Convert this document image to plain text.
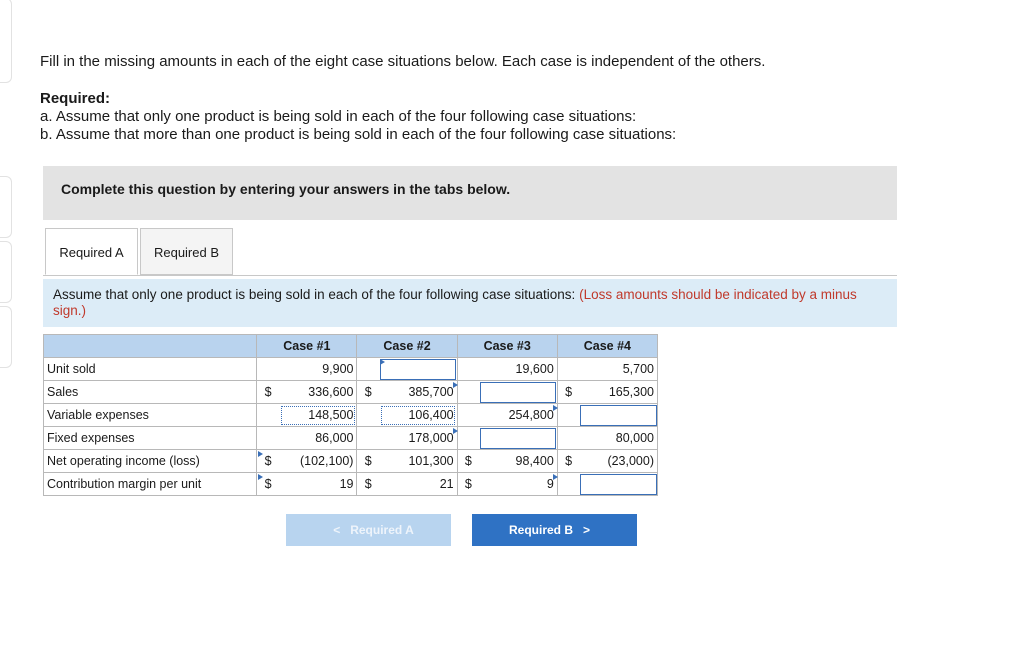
Fill in the missing amounts in each of the eight case situations below. Each case is independent of the others.
Required:
a. Assume that only one product is being sold in each of the four following case situations:
b. Assume that more than one product is being sold in each of the four following case situations:
Complete this question by entering your answers in the tabs below.
Required A	Required B
Assume that only one product is being sold in each of the four following case situations: (Loss amounts should be indicated by a minus sign.)
	Case #1		Case #2		Case #3		Case #4	
Unit sold		9,900				19,600		5,700
Sales	$	336,600	$	385,700			$	165,300
Variable expenses		148,500		106,400		254,800		
Fixed expenses		86,000		178,000				80,000
Net operating income (loss)	$	(102,100)	$	101,300	$	98,400	$	(23,000)
Contribution margin per unit	$	19	$	21	$	9		
< Required A	Required B >
